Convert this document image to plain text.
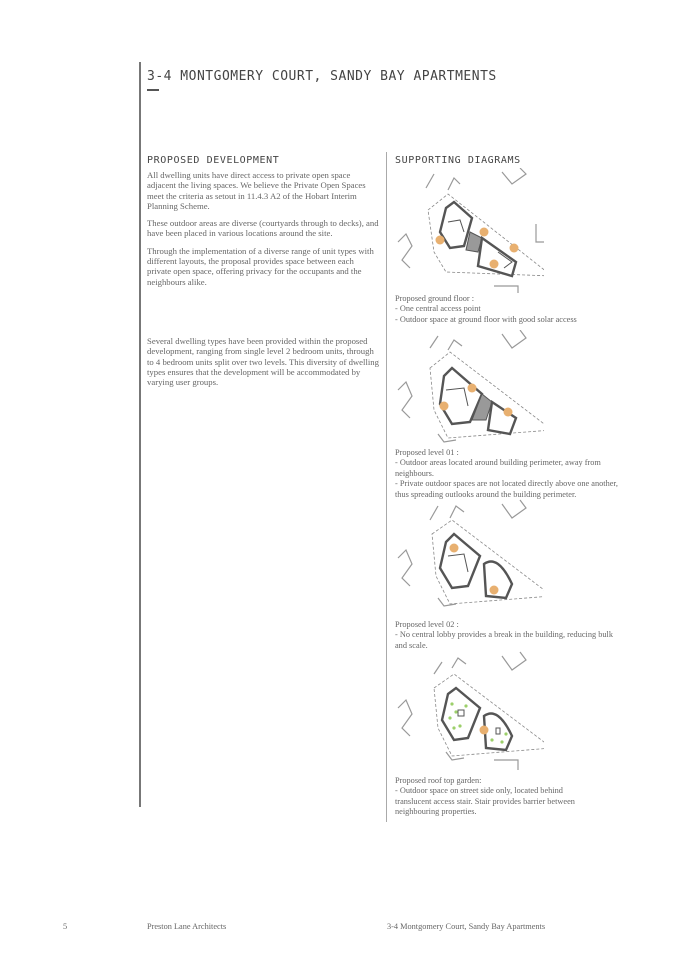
3-4 MONTGOMERY COURT, SANDY BAY APARTMENTS
PROPOSED DEVELOPMENT

All dwelling units have direct access to private open space adjacent the living spaces. We believe the Private Open Spaces meet the criteria as setout in 11.4.3 A2 of the Hobart Interim Planning Scheme.

These outdoor areas are diverse (courtyards through to decks), and have been placed in various locations around the site.

Through the implementation of a diverse range of unit types with different layouts, the proposal provides space between each private open space, offering privacy for the occupants and the neighbours alike.

Several dwelling types have been provided within the proposed development, ranging from single level 2 bedroom units, through to 4 bedroom units split over two levels. This diversity of dwelling types ensures that the development will be accommodated by varying user groups.

SUPPORTING DIAGRAMS
Proposed ground floor :
- One central access point
- Outdoor space at ground floor with good solar access
Proposed level 01 :
- Outdoor areas located around building perimeter, away from
neighbours.
- Private outdoor spaces are not located directly above one another,
thus spreading outlooks around the building perimeter.
Proposed level 02 :
- No central lobby provides a break in the building, reducing bulk
and scale.
Proposed roof top garden:
- Outdoor space on street side only, located behind
translucent access stair. Stair provides barrier between
neighbouring properties.
5	Preston Lane Architects	3-4 Montgomery Court, Sandy Bay Apartments
